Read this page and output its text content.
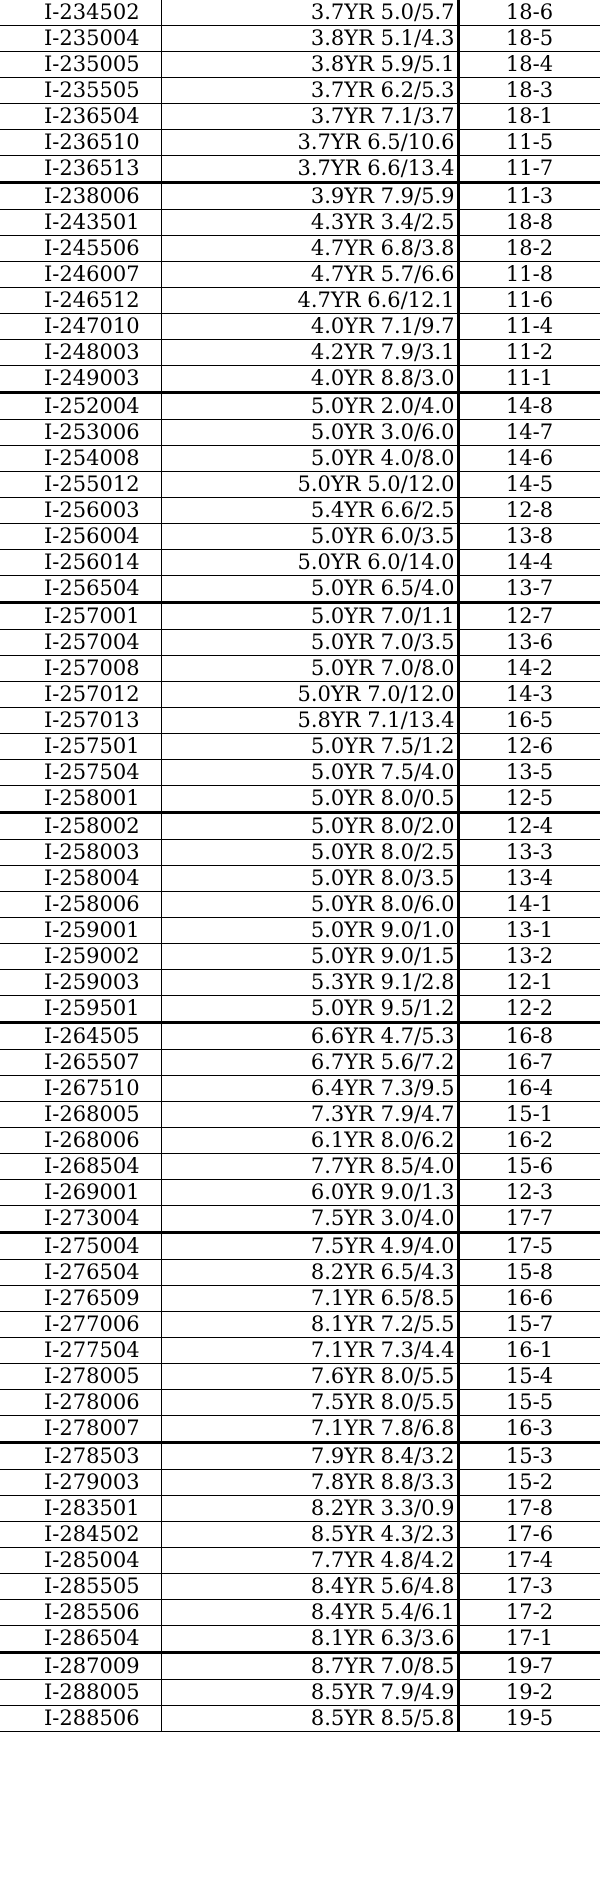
I-234502	3.7YR 5.0/5.7	18-6
I-235004	3.8YR 5.1/4.3	18-5
I-235005	3.8YR 5.9/5.1	18-4
I-235505	3.7YR 6.2/5.3	18-3
I-236504	3.7YR 7.1/3.7	18-1
I-236510	3.7YR 6.5/10.6	11-5
I-236513	3.7YR 6.6/13.4	11-7
I-238006	3.9YR 7.9/5.9	11-3
I-243501	4.3YR 3.4/2.5	18-8
I-245506	4.7YR 6.8/3.8	18-2
I-246007	4.7YR 5.7/6.6	11-8
I-246512	4.7YR 6.6/12.1	11-6
I-247010	4.0YR 7.1/9.7	11-4
I-248003	4.2YR 7.9/3.1	11-2
I-249003	4.0YR 8.8/3.0	11-1
I-252004	5.0YR 2.0/4.0	14-8
I-253006	5.0YR 3.0/6.0	14-7
I-254008	5.0YR 4.0/8.0	14-6
I-255012	5.0YR 5.0/12.0	14-5
I-256003	5.4YR 6.6/2.5	12-8
I-256004	5.0YR 6.0/3.5	13-8
I-256014	5.0YR 6.0/14.0	14-4
I-256504	5.0YR 6.5/4.0	13-7
I-257001	5.0YR 7.0/1.1	12-7
I-257004	5.0YR 7.0/3.5	13-6
I-257008	5.0YR 7.0/8.0	14-2
I-257012	5.0YR 7.0/12.0	14-3
I-257013	5.8YR 7.1/13.4	16-5
I-257501	5.0YR 7.5/1.2	12-6
I-257504	5.0YR 7.5/4.0	13-5
I-258001	5.0YR 8.0/0.5	12-5
I-258002	5.0YR 8.0/2.0	12-4
I-258003	5.0YR 8.0/2.5	13-3
I-258004	5.0YR 8.0/3.5	13-4
I-258006	5.0YR 8.0/6.0	14-1
I-259001	5.0YR 9.0/1.0	13-1
I-259002	5.0YR 9.0/1.5	13-2
I-259003	5.3YR 9.1/2.8	12-1
I-259501	5.0YR 9.5/1.2	12-2
I-264505	6.6YR 4.7/5.3	16-8
I-265507	6.7YR 5.6/7.2	16-7
I-267510	6.4YR 7.3/9.5	16-4
I-268005	7.3YR 7.9/4.7	15-1
I-268006	6.1YR 8.0/6.2	16-2
I-268504	7.7YR 8.5/4.0	15-6
I-269001	6.0YR 9.0/1.3	12-3
I-273004	7.5YR 3.0/4.0	17-7
I-275004	7.5YR 4.9/4.0	17-5
I-276504	8.2YR 6.5/4.3	15-8
I-276509	7.1YR 6.5/8.5	16-6
I-277006	8.1YR 7.2/5.5	15-7
I-277504	7.1YR 7.3/4.4	16-1
I-278005	7.6YR 8.0/5.5	15-4
I-278006	7.5YR 8.0/5.5	15-5
I-278007	7.1YR 7.8/6.8	16-3
I-278503	7.9YR 8.4/3.2	15-3
I-279003	7.8YR 8.8/3.3	15-2
I-283501	8.2YR 3.3/0.9	17-8
I-284502	8.5YR 4.3/2.3	17-6
I-285004	7.7YR 4.8/4.2	17-4
I-285505	8.4YR 5.6/4.8	17-3
I-285506	8.4YR 5.4/6.1	17-2
I-286504	8.1YR 6.3/3.6	17-1
I-287009	8.7YR 7.0/8.5	19-7
I-288005	8.5YR 7.9/4.9	19-2
I-288506	8.5YR 8.5/5.8	19-5
